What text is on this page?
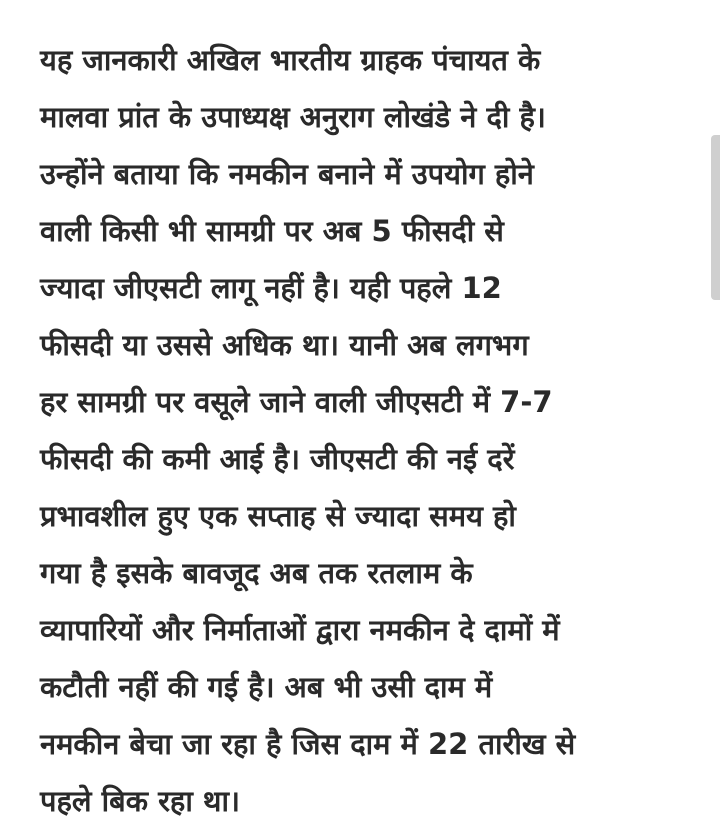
यह जानकारी अखिल भारतीय ग्राहक पंचायत के
मालवा प्रांत के उपाध्यक्ष अनुराग लोखंडे ने दी है।
उन्होंने बताया कि नमकीन बनाने में उपयोग होने
वाली किसी भी सामग्री पर अब 5 फीसदी से
ज्यादा जीएसटी लागू नहीं है। यही पहले 12
फीसदी या उससे अधिक था। यानी अब लगभग
हर सामग्री पर वसूले जाने वाली जीएसटी में 7-7
फीसदी की कमी आई है। जीएसटी की नई दरें
प्रभावशील हुए एक सप्ताह से ज्यादा समय हो
गया है इसके बावजूद अब तक रतलाम के
व्यापारियों और निर्माताओं द्वारा नमकीन दे दामों में
कटौती नहीं की गई है। अब भी उसी दाम में
नमकीन बेचा जा रहा है जिस दाम में 22 तारीख से
पहले बिक रहा था।
